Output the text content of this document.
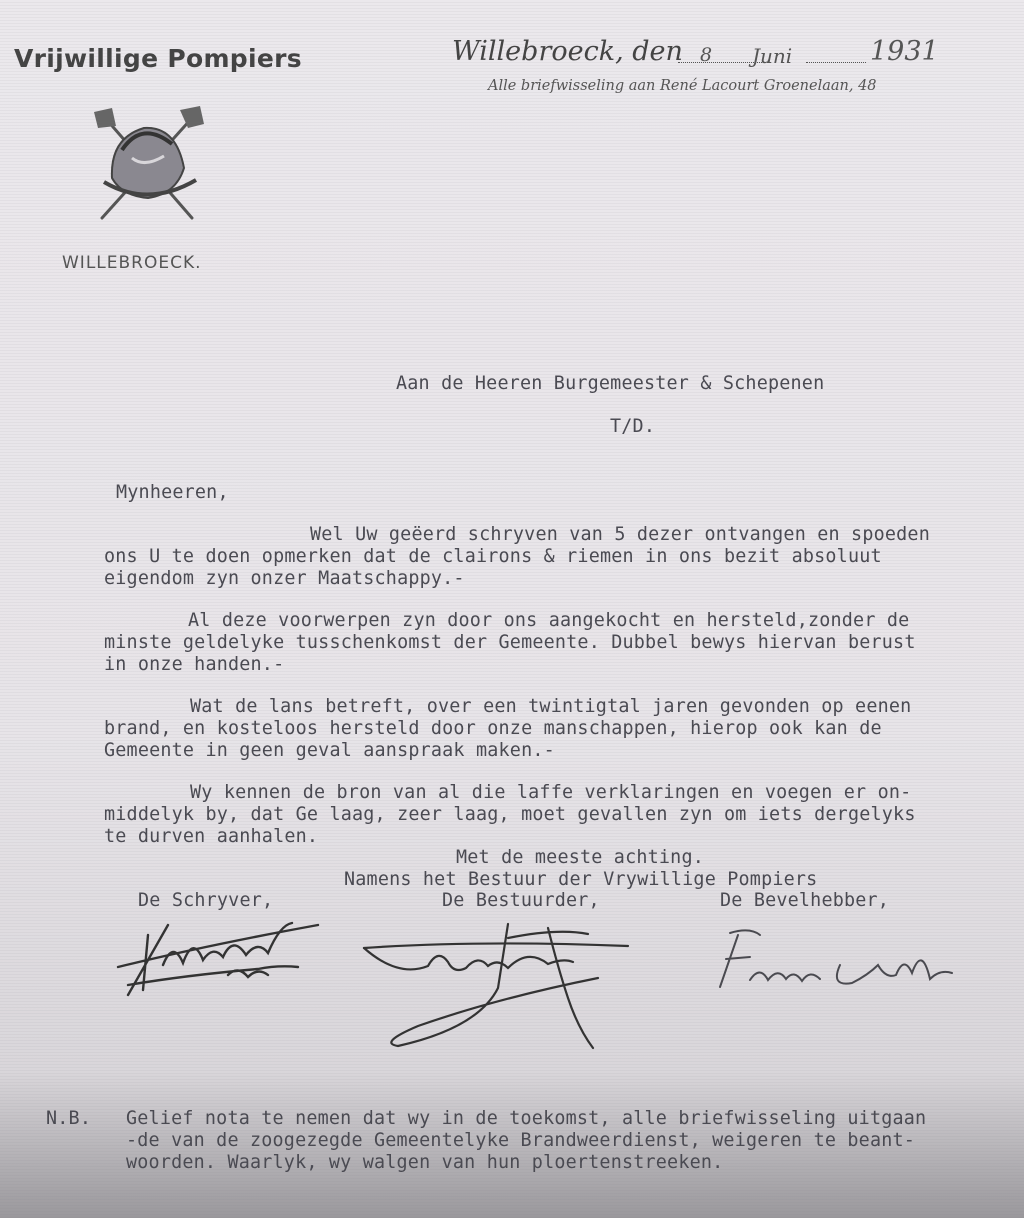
Vrijwillige Pompiers	Willebroeck, den 8 Juni	1931
Alle briefwisseling aan René Lacourt Groenelaan, 48
WILLEBROECK.
Aan de Heeren Burgemeester & Schepenen
T/D.
Mynheeren,
Wel Uw geëerd schryven van 5 dezer ontvangen en spoeden
ons U te doen opmerken dat de clairons & riemen in ons bezit absoluut
eigendom zyn onzer Maatschappy.-
Al deze voorwerpen zyn door ons aangekocht en hersteld,zonder de
minste geldelyke tusschenkomst der Gemeente. Dubbel bewys hiervan berust
in onze handen.-
Wat de lans betreft, over een twintigtal jaren gevonden op eenen
brand, en kosteloos hersteld door onze manschappen, hierop ook kan de
Gemeente in geen geval aanspraak maken.-
Wy kennen de bron van al die laffe verklaringen en voegen er on-
middelyk by, dat Ge laag, zeer laag, moet gevallen zyn om iets dergelyks
te durven aanhalen.
Met de meeste achting.
Namens het Bestuur der Vrywillige Pompiers
De Schryver,	De Bestuurder,	De Bevelhebber,
Frans Ceuts
N.B. Gelief nota te nemen dat wy in de toekomst, alle briefwisseling uitgaan
-de van de zoogezegde Gemeentelyke Brandweerdienst, weigeren te beant-
woorden. Waarlyk, wy walgen van hun ploertenstreeken.
